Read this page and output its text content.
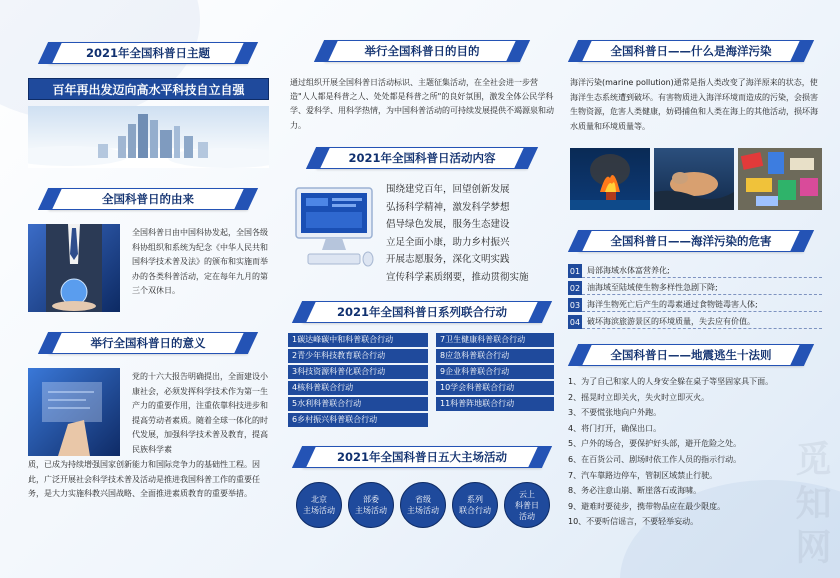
2021年全国科普日主题
百年再出发迈向高水平科技自立自强
全国科普日的由来
全国科普日由中国科协发起，全国各级科协组织和系统为纪念《中华人民共和国科学技术普及法》的颁布和实施而举办的各类科普活动，定在每年九月的第三个双休日。
举行全国科普日的意义
党的十六大报告明确提出，全面建设小康社会，必须发挥科学技术作为第一生产力的重要作用，注重依靠科技进步和提高劳动者素质。随着全球一体化的时代发展，加强科学技术普及教育，提高民族科学素
质，已成为持续增强国家创新能力和国际竞争力的基础性工程。因此，广泛开展社会科学技术普及活动是推进我国科普工作的重要任务，是大力实施科教兴国战略、全面推进素质教育的重要举措。
举行全国科普日的目的
通过组织开展全国科普日活动标识、主题征集活动，在全社会进一步营造"人人都是科普之人、处处都是科普之所"的良好氛围，激发全体公民学科学、爱科学、用科学热情，为中国科普活动的可持续发展提供不竭源泉和动力。
2021年全国科普日活动内容
围绕建党百年，回望创新发展
弘扬科学精神，激发科学梦想
倡导绿色发展，服务生态建设
立足全面小康，助力乡村振兴
开展志愿服务，深化文明实践
宣传科学素质纲要，推动贯彻实施
2021年全国科普日系列联合行动
1碳达峰碳中和科普联合行动
2青少年科技教育联合行动
3科技资源科普化联合行动
4核科普联合行动
5水利科普联合行动
6乡村振兴科普联合行动
7卫生健康科普联合行动
8应急科普联合行动
9企业科普联合行动
10学会科普联合行动
11科普阵地联合行动
2021年全国科普日五大主场活动
北京
主场活动
部委
主场活动
省级
主场活动
系列
联合行动
云上
科普日
活动
全国科普日——什么是海洋污染
海洋污染(marine pollution)通常是指人类改变了海洋原来的状态，使海洋生态系统遭到破坏。有害物质进入海洋环境而造成的污染，会损害生物资源，危害人类健康，妨碍捕鱼和人类在海上的其他活动，损坏海水质量和环境质量等。
全国科普日——海洋污染的危害
01 局部海域水体富营养化;
02 油海域至陆域使生物多样性急剧下降;
03 海洋生物死亡后产生的毒素通过食物链毒害人体;
04 破坏海滨旅游景区的环境质量，失去应有价值。
全国科普日——地震逃生十法则
1、为了自己和家人的人身安全躲在桌子等坚固家具下面。
2、摇晃时立即关火，失火时立即灭火。
3、不要慌张地向户外跑。
4、将门打开，确保出口。
5、户外的场合，要保护好头部，避开危险之处。
6、在百货公司、剧场时依工作人员的指示行动。
7、汽车靠路边停车，管制区域禁止行驶。
8、务必注意山崩、断崖落石或海啸。
9、避难时要徒步，携带物品应在最少限度。
10、不要听信谣言，不要轻举妄动。	觅知网
